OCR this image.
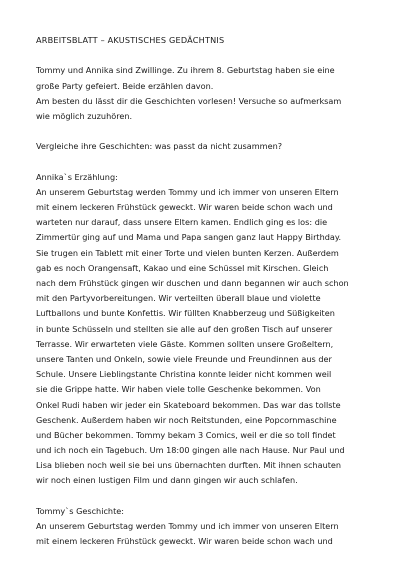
ARBEITSBLATT – AKUSTISCHES GEDÄCHTNIS
Tommy und Annika sind Zwillinge. Zu ihrem 8. Geburtstag haben sie eine
große Party gefeiert. Beide erzählen davon.
Am besten du lässt dir die Geschichten vorlesen! Versuche so aufmerksam
wie möglich zuzuhören.
Vergleiche ihre Geschichten: was passt da nicht zusammen?
Annika`s Erzählung:
An unserem Geburtstag werden Tommy und ich immer von unseren Eltern
mit einem leckeren Frühstück geweckt. Wir waren beide schon wach und
warteten nur darauf, dass unsere Eltern kamen. Endlich ging es los: die
Zimmertür ging auf und Mama und Papa sangen ganz laut Happy Birthday.
Sie trugen ein Tablett mit einer Torte und vielen bunten Kerzen. Außerdem
gab es noch Orangensaft, Kakao und eine Schüssel mit Kirschen. Gleich
nach dem Frühstück gingen wir duschen und dann begannen wir auch schon
mit den Partyvorbereitungen. Wir verteilten überall blaue und violette
Luftballons und bunte Konfettis. Wir füllten Knabberzeug und Süßigkeiten
in bunte Schüsseln und stellten sie alle auf den großen Tisch auf unserer
Terrasse. Wir erwarteten viele Gäste. Kommen sollten unsere Großeltern,
unsere Tanten und Onkeln, sowie viele Freunde und Freundinnen aus der
Schule. Unsere Lieblingstante Christina konnte leider nicht kommen weil
sie die Grippe hatte. Wir haben viele tolle Geschenke bekommen. Von
Onkel Rudi haben wir jeder ein Skateboard bekommen. Das war das tollste
Geschenk. Außerdem haben wir noch Reitstunden, eine Popcornmaschine
und Bücher bekommen. Tommy bekam 3 Comics, weil er die so toll findet
und ich noch ein Tagebuch. Um 18:00 gingen alle nach Hause. Nur Paul und
Lisa blieben noch weil sie bei uns übernachten durften. Mit ihnen schauten
wir noch einen lustigen Film und dann gingen wir auch schlafen.
Tommy`s Geschichte:
An unserem Geburtstag werden Tommy und ich immer von unseren Eltern
mit einem leckeren Frühstück geweckt. Wir waren beide schon wach und
